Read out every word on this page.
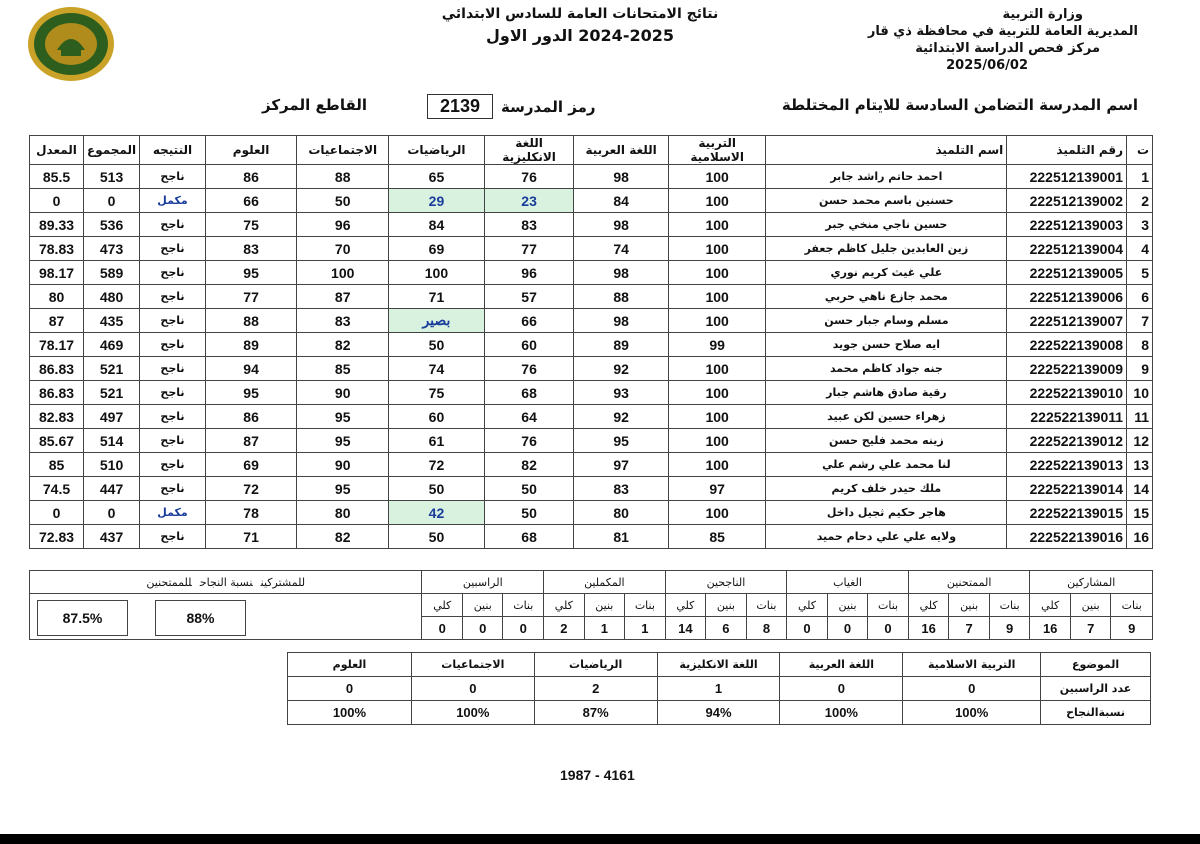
وزارة التربية
المديرية العامة للتربية في محافظة ذي قار
مركز فحص الدراسة الابتدائية
2025/06/02
نتائج الامتحانات العامة للسادس الابتدائي
2024-2025 الدور الاول
اسم المدرسة التضامن السادسة للايتام المختلطة
رمز المدرسة
2139
القاطع المركز
ت	رقم التلميذ	اسم التلميذ	التربية الاسلامية	اللغة العربية	اللغة الانكليزية	الرياضيات	الاجتماعيات	العلوم	النتيجه	المجموع	المعدل
1	222512139001	احمد حاتم راشد جابر	100	98	76	65	88	86	ناجح	513	85.5
2	222512139002	حسنين باسم محمد حسن	100	84	23	29	50	66	مكمل	0	0
3	222512139003	حسين ناجي منخي جبر	100	98	83	84	96	75	ناجح	536	89.33
4	222512139004	زين العابدين جليل كاظم جعفر	100	74	77	69	70	83	ناجح	473	78.83
5	222512139005	علي غيث كريم نوري	100	98	96	100	100	95	ناجح	589	98.17
6	222512139006	محمد جازع ناهي حربي	100	88	57	71	87	77	ناجح	480	80
7	222512139007	مسلم وسام جبار حسن	100	98	66	بصير	83	88	ناجح	435	87
8	222522139008	ايه صلاح حسن جويد	99	89	60	50	82	89	ناجح	469	78.17
9	222522139009	جنه جواد كاظم محمد	100	92	76	74	85	94	ناجح	521	86.83
10	222522139010	رقية صادق هاشم جبار	100	93	68	75	90	95	ناجح	521	86.83
11	222522139011	زهراء حسين لكن عبيد	100	92	64	60	95	86	ناجح	497	82.83
12	222522139012	زينه محمد فليح حسن	100	95	76	61	95	87	ناجح	514	85.67
13	222522139013	لنا محمد علي رشم علي	100	97	82	72	90	69	ناجح	510	85
14	222522139014	ملك حيدر خلف كريم	97	83	50	50	95	72	ناجح	447	74.5
15	222522139015	هاجر حكيم ثجيل داخل	100	80	50	42	80	78	مكمل	0	0
16	222522139016	ولايه علي علي دحام حميد	85	81	68	50	82	71	ناجح	437	72.83
المشاركين			الممتحنين			الغياب			الناجحين			المكملين			الراسبين			للمشتركيننسبة النجاحللممتحنين
بنات	بنين	كلي	بنات	بنين	كلي	بنات	بنين	كلي	بنات	بنين	كلي	بنات	بنين	كلي	بنات	بنين	كلي	
9	7	16	9	7	16	0	0	0	8	6	14	1	1	2	0	0	0	
88%
87.5%
الموضوع	التربية الاسلامية	اللغة العربية	اللغة الانكليزية	الرياضيات	الاجتماعيات	العلوم
عدد الراسبين	0	0	1	2	0	0
نسبةالنجاح	100%	100%	94%	87%	100%	100%
1987 - 4161
